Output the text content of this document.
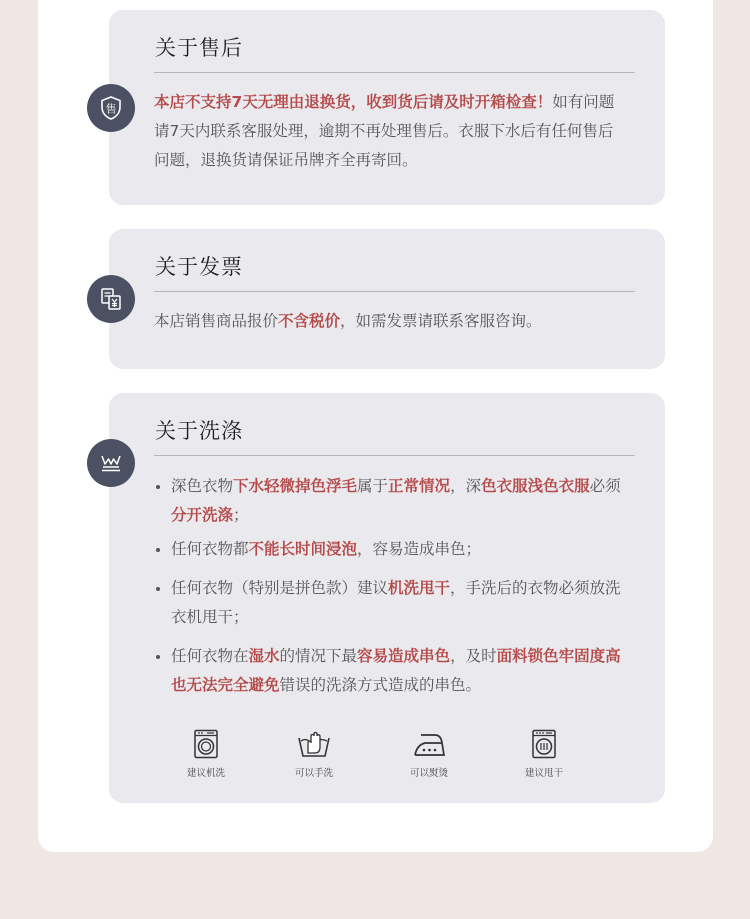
关于售后
本店不支持7天无理由退换货，收到货后请及时开箱检查！如有问题请7天内联系客服处理，逾期不再处理售后。衣服下水后有任何售后问题，退换货请保证吊牌齐全再寄回。
售
关于发票
本店销售商品报价不含税价，如需发票请联系客服咨询。
关于洗涤
深色衣物下水轻微掉色浮毛属于正常情况，深色衣服浅色衣服必须分开洗涤；
任何衣物都不能长时间浸泡，容易造成串色；
任何衣物（特别是拼色款）建议机洗甩干，手洗后的衣物必须放洗衣机甩干；
任何衣物在湿水的情况下最容易造成串色，及时面料锁色牢固度高也无法完全避免错误的洗涤方式造成的串色。
建议机洗	可以手洗	可以熨烫	建议甩干
